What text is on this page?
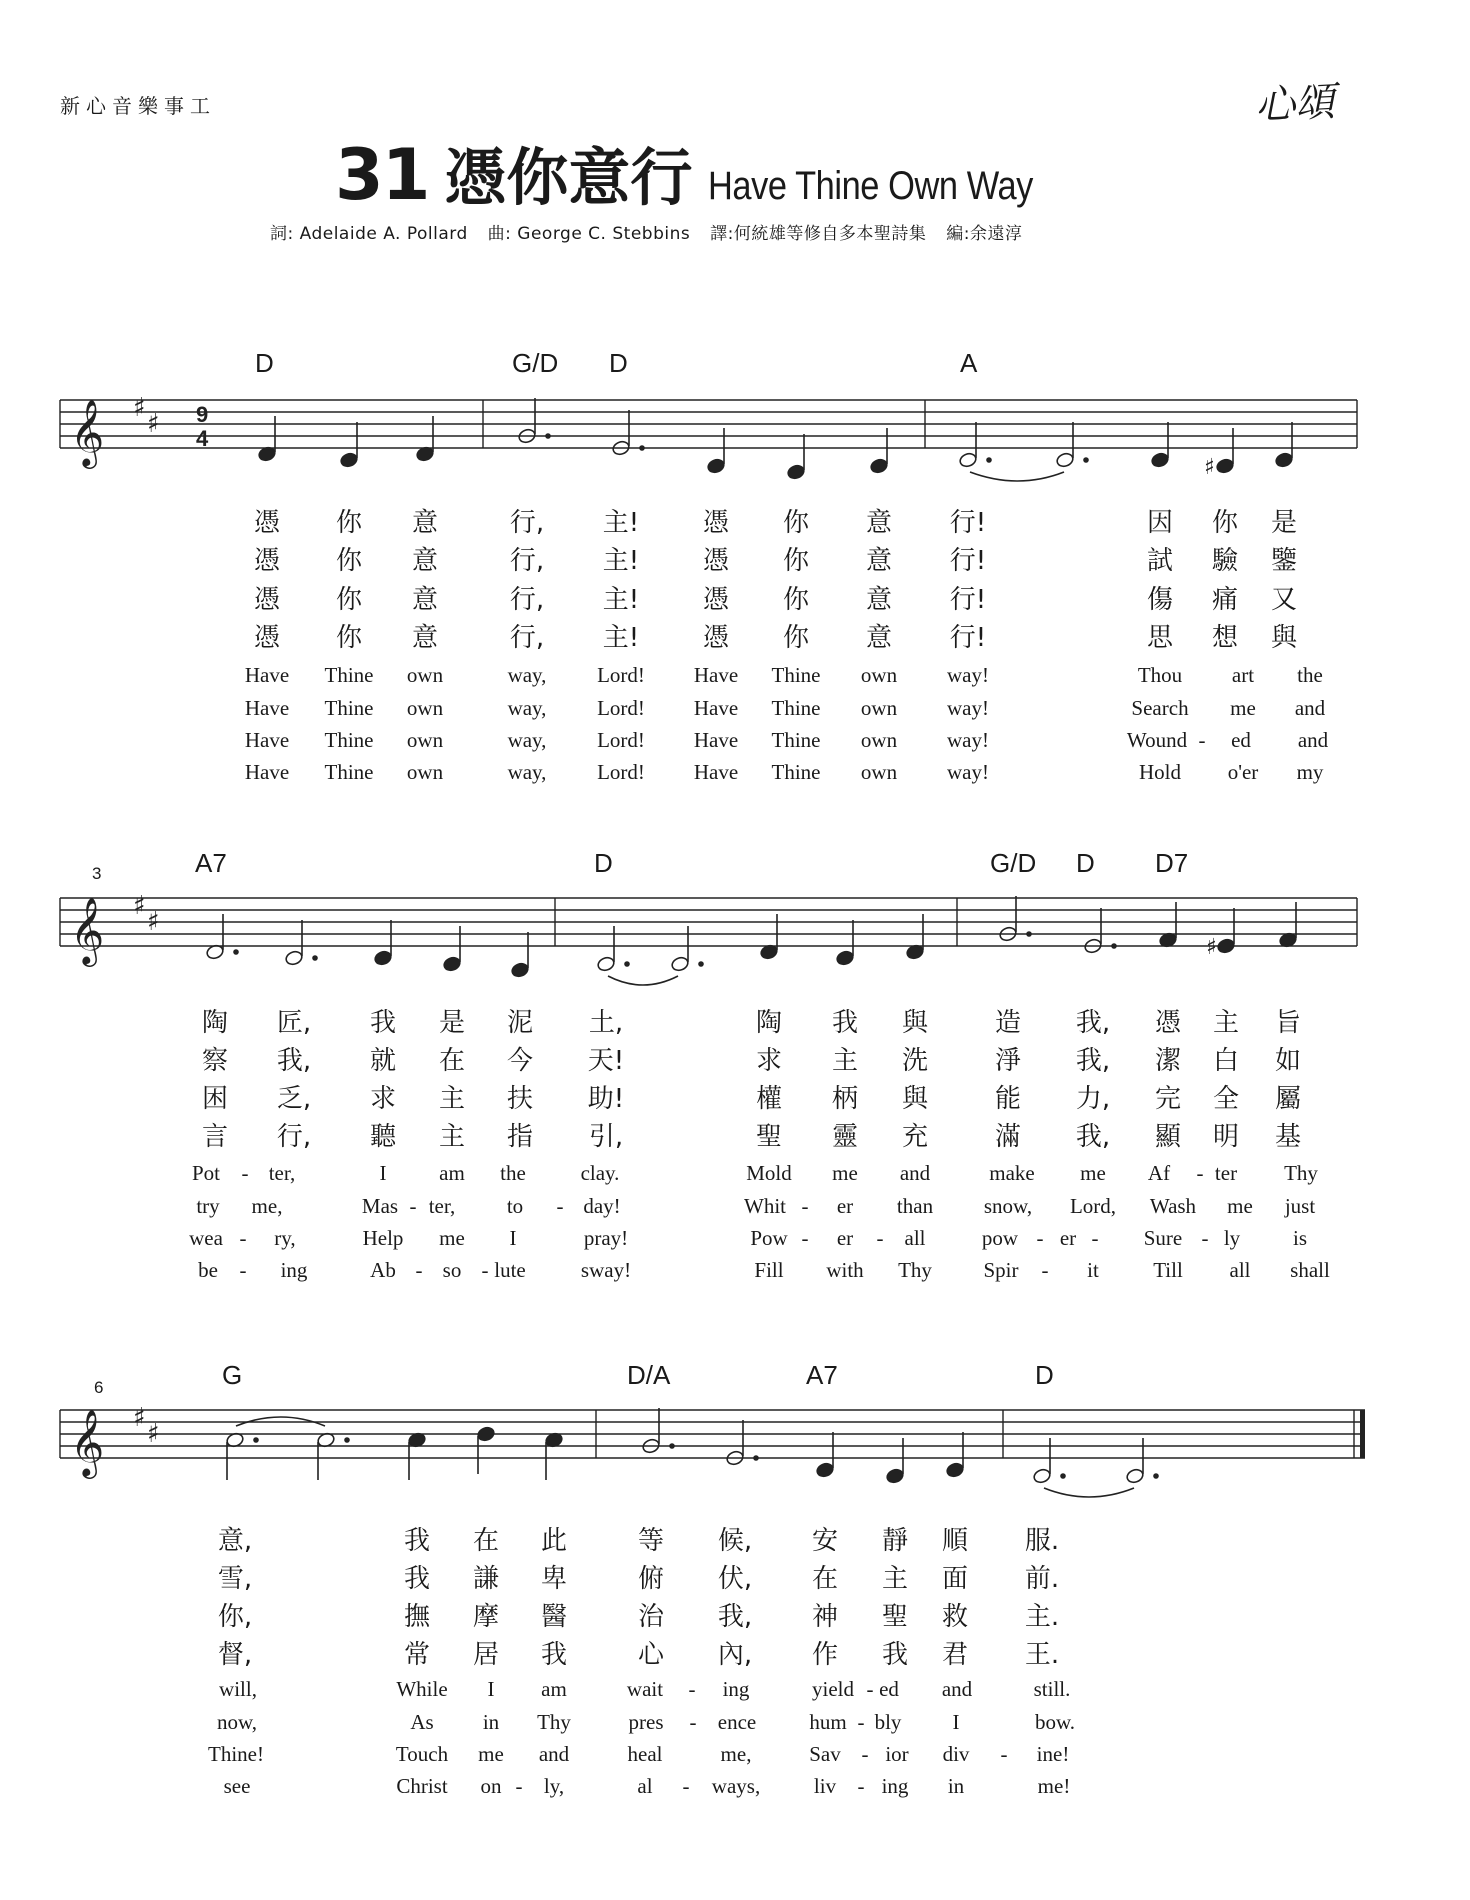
新心音樂事工	心頌
31 憑你意行 Have Thine Own Way
詞: Adelaide A. Pollard 曲: George C. Stebbins 譯:何統雄等修自多本聖詩集 編:余遠淳
D	G/D D	A
𝄞 ♯
♯ 9
4
♯
憑 你 意	行, 主! 憑 你 意 行!	因 你 是
憑 你 意	行, 主! 憑 你 意 行!	試 驗 鑒
憑 你 意	行, 主! 憑 你 意 行!	傷 痛 又
憑 你 意	行, 主! 憑 你 意 行!	思 想 與
Have Thine own	way, Lord! Have Thine own way!	Thou art the
Have Thine own	way, Lord! Have Thine own way!	Search me and
Have Thine own	way, Lord! Have Thine own way!	Wound - ed and
Have Thine own	way, Lord! Have Thine own way!	Hold o'er my
3	A7	D	G/D D D7
𝄞 ♯
♯
♯
陶 匠, 我 是 泥 土,	陶 我 與	造 我, 憑 主 旨
察 我, 就 在 今 天!	求 主 洗	淨 我, 潔 白 如
困 乏, 求 主 扶 助!	權 柄 與	能 力, 完 全 屬
言 行, 聽 主 指 引,	聖 靈 充	滿 我, 顯 明 基
Pot - ter,	I	am the	clay.	Mold me and	make me Af - ter Thy
try me,	Mas - ter, to - day!	Whit - er than snow, Lord, Wash me just
wea - ry,	Help me I	pray!	Pow - er - all	pow - er - Sure - ly	is
be - ing	Ab - so - lute	sway!	Fill with Thy Spir - it	Till all shall
6	G	D/A	A7	D
𝄞 ♯
♯
意,	我 在 此	等 候, 安 靜 順 服.
雪,	我 謙 卑	俯 伏, 在 主 面 前.
你,	撫 摩 醫	治 我, 神 聖 救 主.
督,	常 居 我	心 內, 作 我 君 王.
will,	While I am	wait - ing	yield - ed and	still.
now,	As in Thy	pres - ence	hum - bly I	bow.
Thine!	Touch me and	heal	me,	Sav - ior div - ine!
see	Christ on - ly,	al - ways,	liv - ing in	me!
